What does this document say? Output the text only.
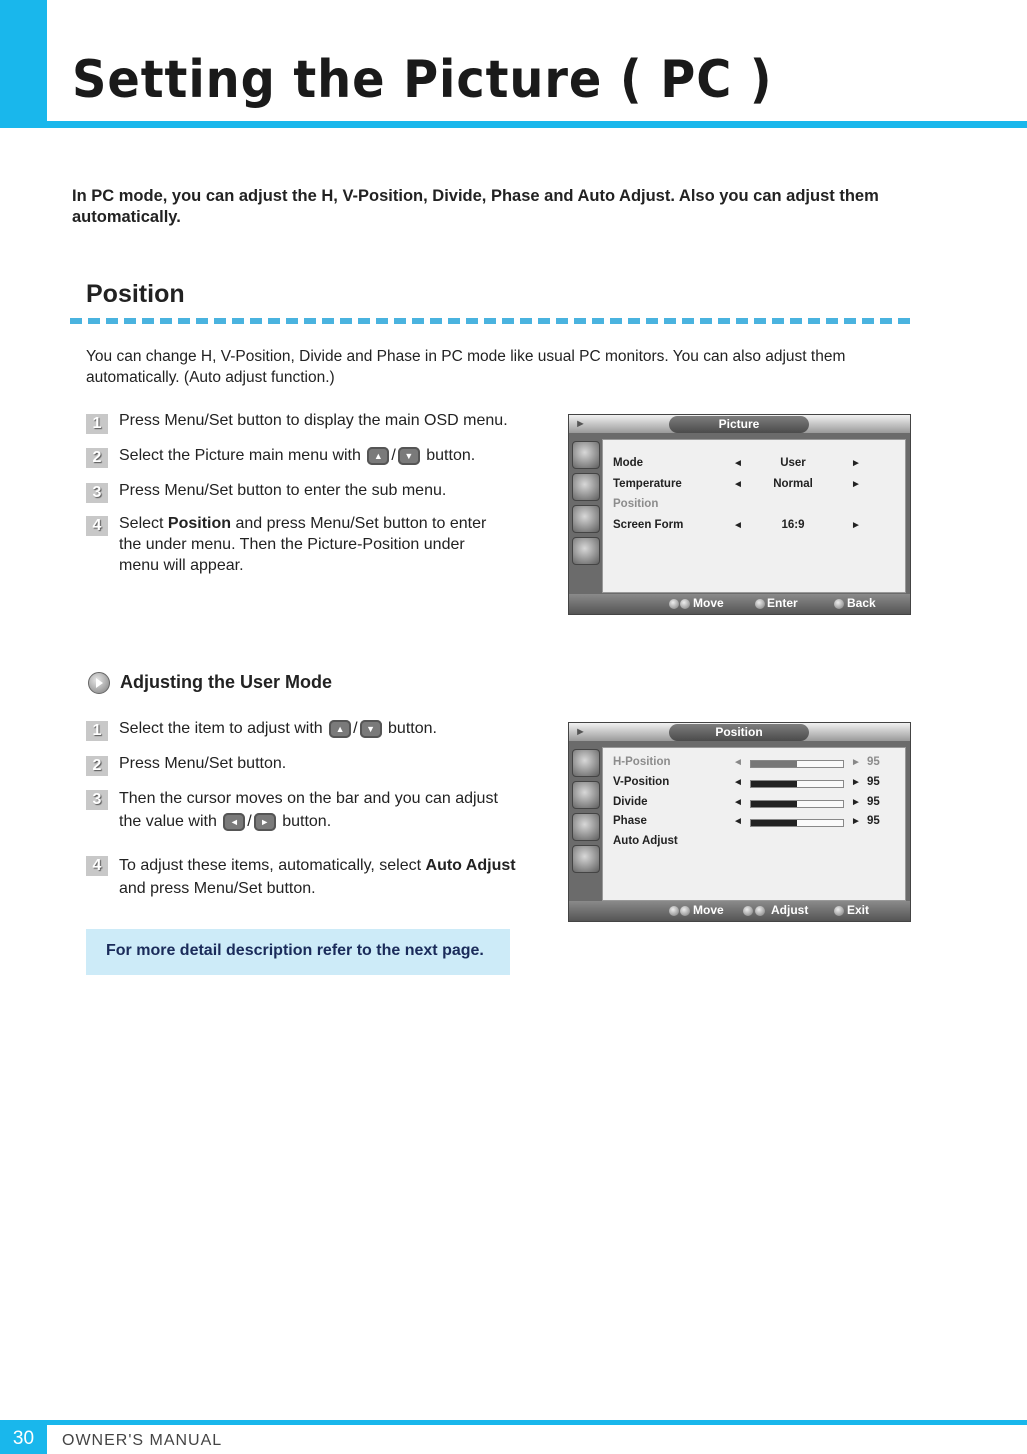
Setting the Picture ( PC )
In PC mode, you can adjust the H, V-Position, Divide, Phase and Auto Adjust. Also you can adjust them automatically.
Position
You can change H, V-Position, Divide and Phase in PC mode like usual PC monitors. You can also adjust them automatically. (Auto adjust function.)
1	Press Menu/Set button to display the main OSD menu.
2	Select the Picture main menu with ▲ / ▼ button.
3	Press Menu/Set button to enter the sub menu.
4	Select Position and press Menu/Set button to enter the under menu. Then the Picture-Position under menu will appear.
►	Picture
Mode	◄	User	►
Temperature	◄	Normal	►
Position
Screen Form	◄	16:9	►
Move	Enter	Back
Adjusting the User Mode
1	Select the item to adjust with ▲ / ▼ button.
2	Press Menu/Set button.
3	Then the cursor moves on the bar and you can adjust the value with ◄ / ► button.
4	To adjust these items, automatically, select Auto Adjust and press Menu/Set button.
For more detail description refer to the next page.
►	Position
H-Position	◄	► 95
V-Position	◄	► 95
Divide	◄	► 95
Phase	◄	► 95
Auto Adjust
Move	Adjust	Exit
30	OWNER'S MANUAL
